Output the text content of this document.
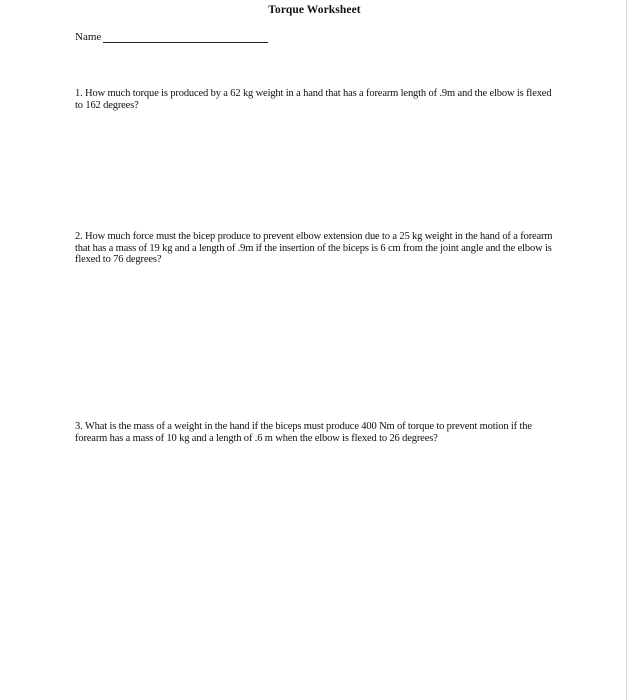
Torque Worksheet
Name
1. How much torque is produced by a 62 kg weight in a hand that has a forearm length of .9m and the elbow is flexed to 162 degrees?
2. How much force must the bicep produce to prevent elbow extension due to a 25 kg weight in the hand of a forearm that has a mass of 19 kg and a length of .9m if the insertion of the biceps is 6 cm from the joint angle and the elbow is flexed to 76 degrees?
3. What is the mass of a weight in the hand if the biceps must produce 400 Nm of torque to prevent motion if the forearm has a mass of 10 kg and a length of .6 m when the elbow is flexed to 26 degrees?
